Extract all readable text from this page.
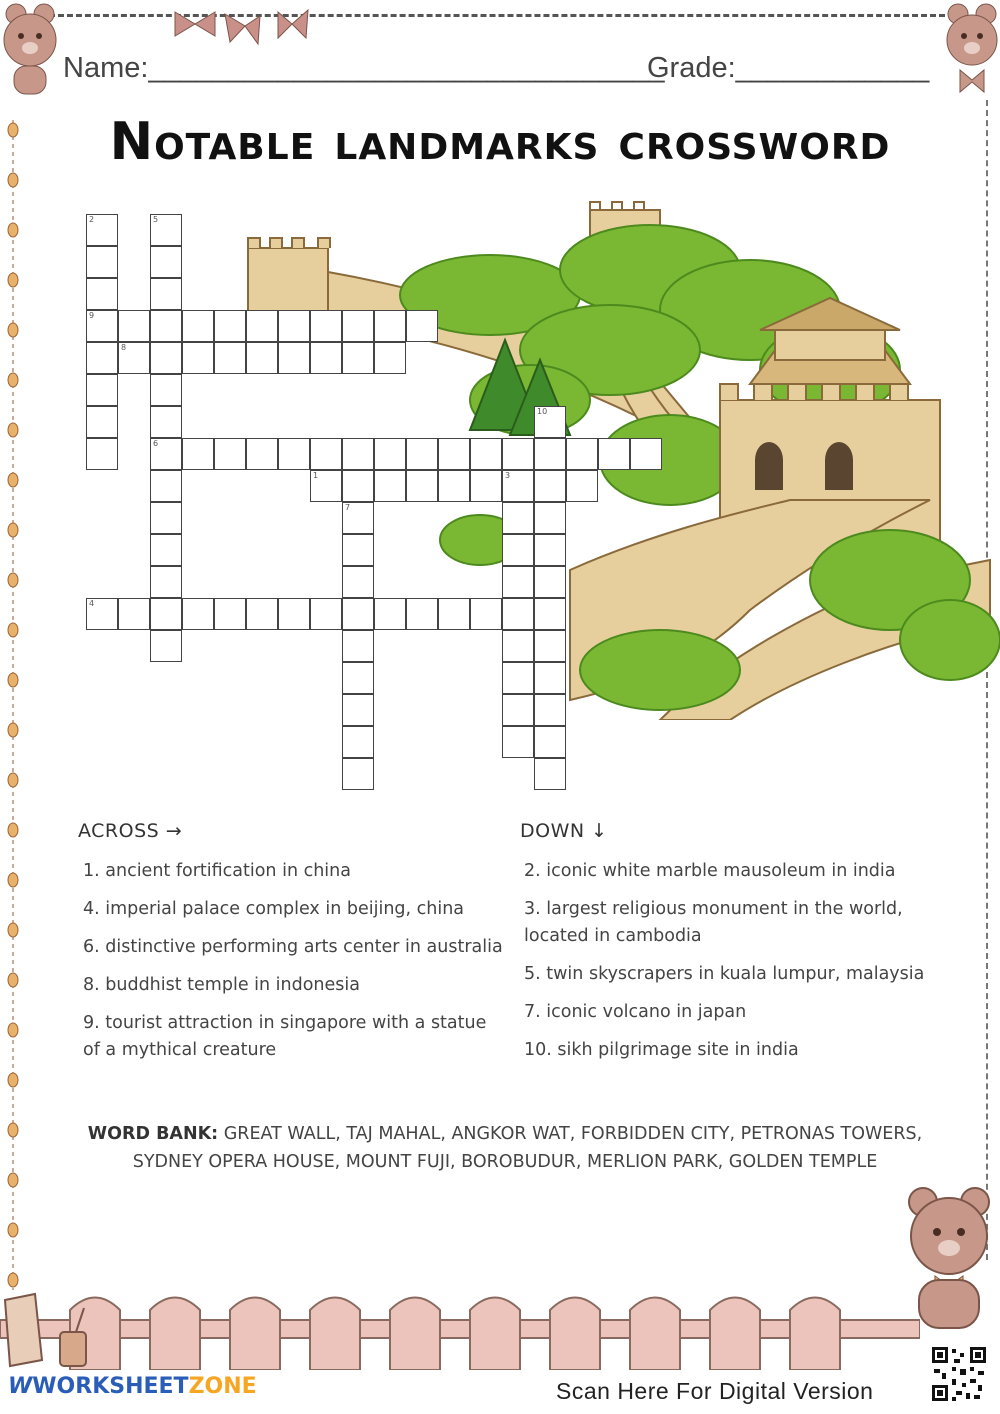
Name:________________________________
Grade:____________
Notable landmarks crossword
2	5
9
8
6
10
1	3
7
4
ACROSS →	DOWN ↓
1. ancient fortification in china
4. imperial palace complex in beijing, china
6. distinctive performing arts center in australia
8. buddhist temple in indonesia
9. tourist attraction in singapore with a statue of a mythical creature
2. iconic white marble mausoleum in india
3. largest religious monument in the world, located in cambodia
5. twin skyscrapers in kuala lumpur, malaysia
7. iconic volcano in japan
10. sikh pilgrimage site in india
WORD BANK: GREAT WALL, TAJ MAHAL, ANGKOR WAT, FORBIDDEN CITY, PETRONAS TOWERS, SYDNEY OPERA HOUSE, MOUNT FUJI, BOROBUDUR, MERLION PARK, GOLDEN TEMPLE
WWORKSHEETZONE	Scan Here For Digital Version
